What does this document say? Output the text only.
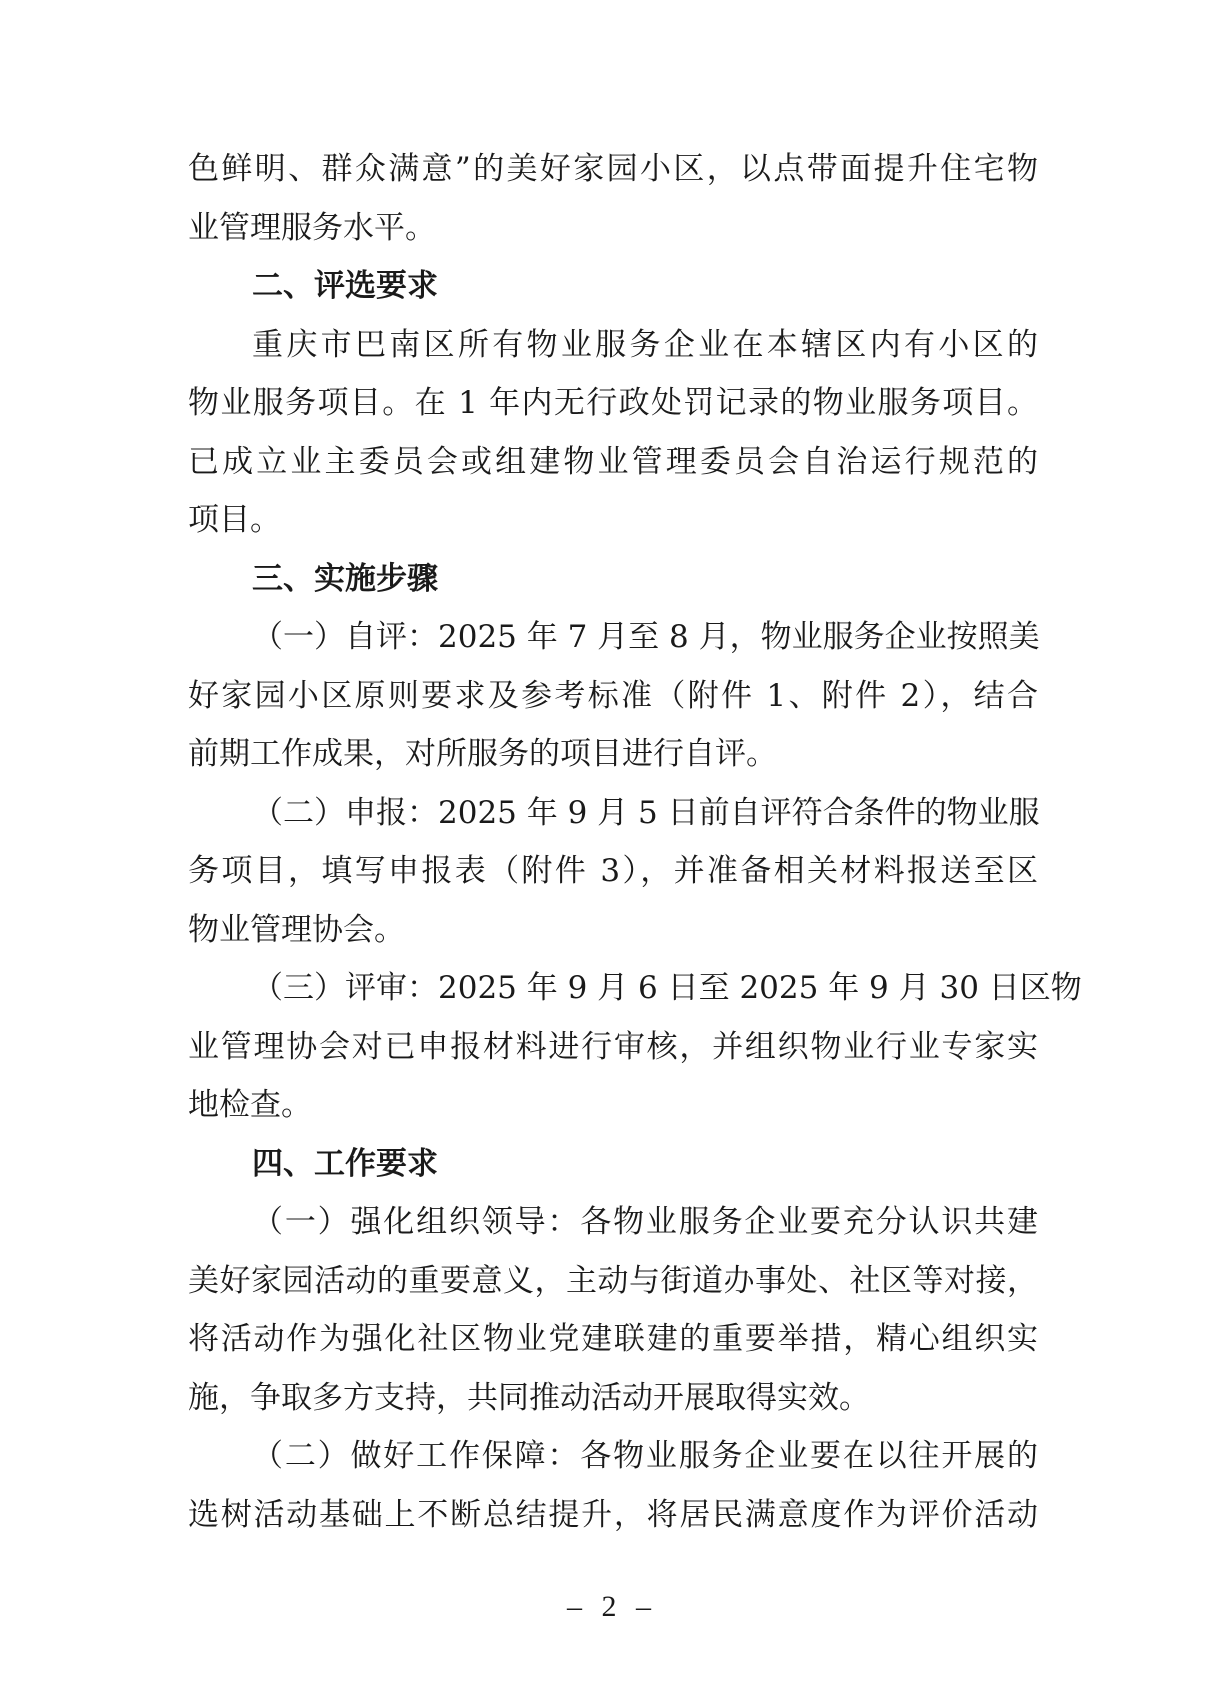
色鲜明、群众满意”的美好家园小区，以点带面提升住宅物
业管理服务水平。
二、评选要求
重庆市巴南区所有物业服务企业在本辖区内有小区的
物业服务项目。在 1 年内无行政处罚记录的物业服务项目。
已成立业主委员会或组建物业管理委员会自治运行规范的
项目。
三、实施步骤
（一）自评：2025 年 7 月至 8 月，物业服务企业按照美
好家园小区原则要求及参考标准（附件 1、附件 2），结合
前期工作成果，对所服务的项目进行自评。
（二）申报：2025 年 9 月 5 日前自评符合条件的物业服
务项目，填写申报表（附件 3），并准备相关材料报送至区
物业管理协会。
（三）评审：2025 年 9 月 6 日至 2025 年 9 月 30 日区物
业管理协会对已申报材料进行审核，并组织物业行业专家实
地检查。
四、工作要求
（一）强化组织领导：各物业服务企业要充分认识共建
美好家园活动的重要意义，主动与街道办事处、社区等对接，
将活动作为强化社区物业党建联建的重要举措，精心组织实
施，争取多方支持，共同推动活动开展取得实效。
（二）做好工作保障：各物业服务企业要在以往开展的
选树活动基础上不断总结提升，将居民满意度作为评价活动
– 2 –
